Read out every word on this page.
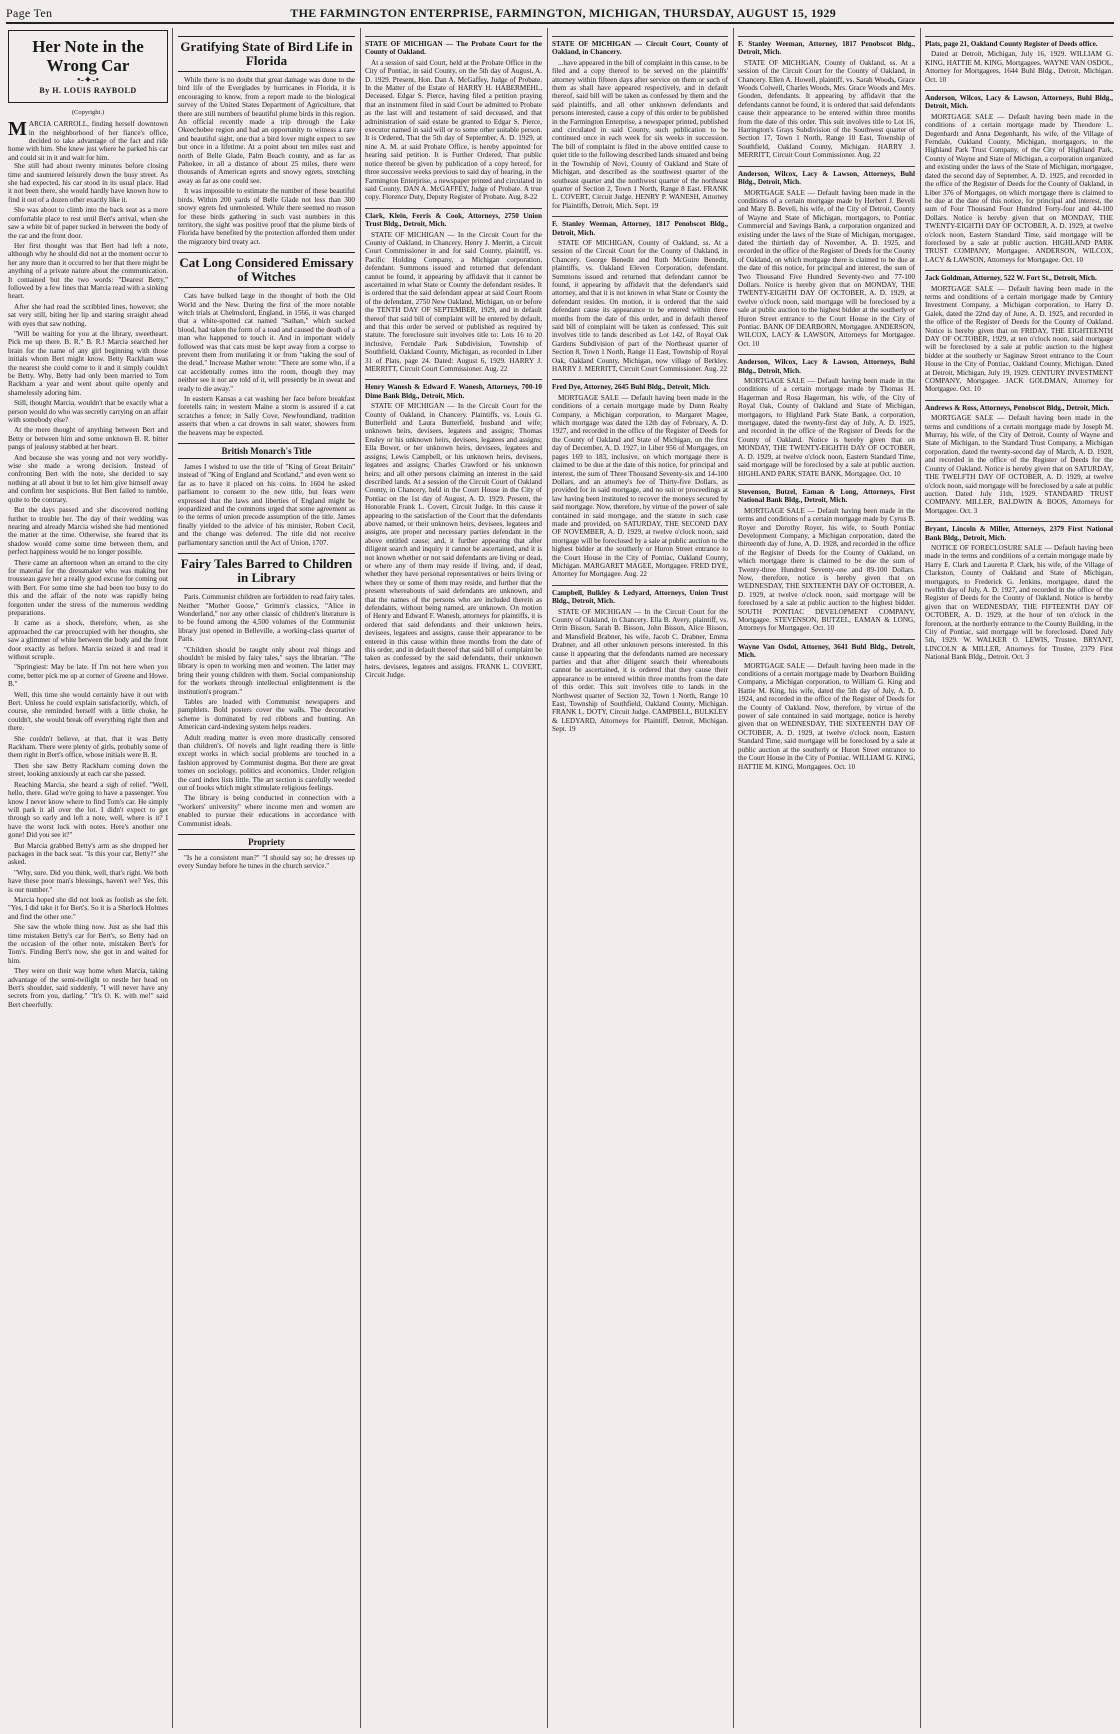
Page Ten	THE FARMINGTON ENTERPRISE, FARMINGTON, MICHIGAN, THURSDAY, AUGUST 15, 1929
Her Note in the Wrong Car
•-✦-•
By H. LOUIS RAYBOLD
(Copyright.)
M ARCIA CARROLL, finding herself downtown in the neighborhood of her fiance's office, decided to take advantage of the fact and ride home with him. She knew just where he parked his car and could sit in it and wait for him.

She still had about twenty minutes before closing time and sauntered leisurely down the busy street. As she had expected, his car stood in its usual place. Had it not been there, she would hardly have known how to find it out of a dozen other exactly like it.

She was about to climb into the back seat as a more comfortable place to rest until Bert's arrival, when she saw a white bit of paper tucked in between the body of the car and the front door.

Her first thought was that Bert had left a note, although why he should did not at the moment occur to her any more than it occurred to her that there might be anything of a private nature about the communication. It contained but the two words: "Dearest Betty," followed by a few lines that Marcia read with a sinking heart.

After she had read the scribbled lines, however, she sat very still, biting her lip and staring straight ahead with eyes that saw nothing.

"Will be waiting for you at the library, sweetheart. Pick me up there. B. R." B. R.! Marcia searched her brain for the name of any girl beginning with those initials whom Bert might know. Betty Rackham was the nearest she could come to it and it simply couldn't be Betty. Why, Betty had only been married to Tom Rackham a year and went about quite openly and shamelessly adoring him.

Still, thought Marcia, wouldn't that be exactly what a person would do who was secretly carrying on an affair with somebody else?

At the mere thought of anything between Bert and Betty or between him and some unknown B. R. bitter pangs of jealousy stabbed at her heart.

And because she was young and not very worldly-wise she made a wrong decision. Instead of confronting Bert with the note, she decided to say nothing at all about it but to let him give himself away and confirm her suspicions. But Bert failed to tumble, quite to the contrary.

But the days passed and she discovered nothing further to trouble her. The day of their wedding was nearing and already Marcia wished she had mentioned the matter at the time. Otherwise, she feared that its shadow would come some time between them, and perfect happiness would be no longer possible.

There came an afternoon when an errand to the city for material for the dressmaker who was making her trousseau gave her a really good excuse for coming out with Bert. For some time she had been too busy to do this and the affair of the note was rapidly being forgotten under the stress of the numerous wedding preparations.

It came as a shock, therefore, when, as she approached the car preoccupied with her thoughts, she saw a glimmer of white between the body and the front door exactly as before. Marcia seized it and read it without scruple.

"Springiest: May be late. If I'm not here when you come, better pick me up at corner of Greene and Howe. B."

Well, this time she would certainly have it out with Bert. Unless he could explain satisfactorily, which, of course, she reminded herself with a little choke, he couldn't, she would break off everything right then and there.

She couldn't believe, at that, that it was Betty Rackham. There were plenty of girls, probably some of them right in Bert's office, whose initials were B. R.

Then she saw Betty Rackham coming down the street, looking anxiously at each car she passed.

Reaching Marcia, she heard a sigh of relief. "Well, hello, there. Glad we're going to have a passenger. You know I never know where to find Tom's car. He simply will park it all over the lot. I didn't expect to get through so early and left a note, well, where is it? I have the worst luck with notes. Here's another one gone! Did you see it?"

But Marcia grabbed Betty's arm as she dropped her packages in the back seat. "Is this your car, Betty?" she asked.

"Why, sure. Did you think, well, that's right. We both have these poor man's blessings, haven't we? Yes, this is our number."

Marcia hoped she did not look as foolish as she felt. "Yes, I did take it for Bert's. So it is a Sherlock Holmes and find the other one."

She saw the whole thing now. Just as she had this time mistaken Betty's car for Bert's, so Betty had on the occasion of the other note, mistaken Bert's for Tom's. Finding Bert's now, she got in and waited for him.

They were on their way home when Marcia, taking advantage of the semi-twilight to nestle her head on Bert's shoulder, said suddenly, "I will never have any secrets from you, darling." "It's O. K. with me!" said Bert cheerfully.

Gratifying State of Bird Life in Florida

While there is no doubt that great damage was done to the bird life of the Everglades by hurricanes in Florida, it is encouraging to know, from a report made to the biological survey of the United States Department of Agriculture, that there are still numbers of beautiful plume birds in this region. An official recently made a trip through the Lake Okeechobee region and had an opportunity to witness a rare and beautiful sight, one that a bird lover might expect to see but once in a lifetime. At a point about ten miles east and north of Belle Glade, Palm Beach county, and as far as Pahokee, in all a distance of about 25 miles, there were thousands of American egrets and snowy egrets, stretching away as far as one could see.

It was impossible to estimate the number of these beautiful birds. Within 200 yards of Belle Glade not less than 300 snowy egrets fed unmolested. While there seemed no reason for these birds gathering in such vast numbers in this territory, the sight was positive proof that the plume birds of Florida have benefited by the protection afforded them under the migratory bird treaty act.

Cat Long Considered Emissary of Witches

Cats have bulked large in the thought of both the Old World and the New. During the first of the more notable witch trials at Chelmsford, England, in 1566, it was charged that a white-spotted cat named "Sathan," which sucked blood, had taken the form of a toad and caused the death of a man who happened to touch it. And in important widely followed was that cats must be kept away from a corpse to prevent them from mutilating it or from "taking the soul of the dead." Increase Mather wrote: "There are some who, if a cat accidentally comes into the room, though they may neither see it nor are told of it, will presently be in sweat and ready to die away."

In eastern Kansas a cat washing her face before breakfast foretells rain; in western Maine a storm is assured if a cat scratches a fence; in Sally Cove, Newfoundland, tradition asserts that when a cat drowns in salt water, showers from the heavens may be expected.

British Monarch's Title

James I wished to use the title of "King of Great Britain" instead of "King of England and Scotland," and even went so far as to have it placed on his coins. In 1604 he asked parliament to consent to the new title, but fears were expressed that the laws and liberties of England might be jeopardized and the commons urged that some agreement as to the terms of union precede assumption of the title. James finally yielded to the advice of his minister, Robert Cecil, and the change was deferred. The title did not receive parliamentary sanction until the Act of Union, 1707.

Fairy Tales Barred to Children in Library

Paris. Communist children are forbidden to read fairy tales. Neither "Mother Goose," Grimm's classics, "Alice in Wonderland," nor any other classic of children's literature is to be found among the 4,500 volumes of the Communist library just opened in Belleville, a working-class quarter of Paris.

"Children should be taught only about real things and shouldn't be misled by fairy tales," says the librarian. "The library is open to working men and women. The latter may bring their young children with them. Social companionship for the workers through intellectual enlightenment is the institution's program."

Tables are loaded with Communist newspapers and pamphlets. Bold posters cover the walls. The decorative scheme is dominated by red ribbons and bunting. An American card-indexing system helps readers.

Adult reading matter is even more drastically censored than children's. Of novels and light reading there is little except works in which social problems are touched in a fashion approved by Communist dogma. But there are great tomes on sociology, politics and economics. Under religion the card index lists little. The art section is carefully weeded out of books which might stimulate religious feelings.

The library is being conducted in connection with a "workers' university" where income men and women are enabled to pursue their educations in accordance with Communist ideals.

Propriety

"Is he a consistent man?" "I should say so; he dresses up every Sunday before he tunes in the church service."

STATE OF MICHIGAN — The Probate Court for the County of Oakland.

At a session of said Court, held at the Probate Office in the City of Pontiac, in said County, on the 5th day of August, A. D. 1929. Present, Hon. Dan A. McGaffey, Judge of Probate. In the Matter of the Estate of HARRY H. HABERMEHL, Deceased. Edgar S. Pierce, having filed a petition praying that an instrument filed in said Court be admitted to Probate as the last will and testament of said deceased, and that administration of said estate be granted to Edgar S. Pierce, executor named in said will or to some other suitable person. It is Ordered, That the 5th day of September, A. D. 1929, at nine A. M. at said Probate Office, is hereby appointed for hearing said petition. It is Further Ordered, That public notice thereof be given by publication of a copy hereof, for three successive weeks previous to said day of hearing, in the Farmington Enterprise, a newspaper printed and circulated in said County. DAN A. McGAFFEY, Judge of Probate. A true copy. Florence Duty, Deputy Register of Probate. Aug. 8-22

Clark, Klein, Ferris & Cook, Attorneys, 2750 Union Trust Bldg., Detroit, Mich.

STATE OF MICHIGAN — In the Circuit Court for the County of Oakland, in Chancery. Henry J. Merritt, a Circuit Court Commissioner in and for said County, plaintiff, vs. Pacific Holding Company, a Michigan corporation, defendant. Summons issued and returned that defendant cannot be found, it appearing by affidavit that it cannot be ascertained in what State or County the defendant resides. It is ordered that the said defendant appear at said Court Room of the defendant, 2750 New Oakland, Michigan, on or before the TENTH DAY OF SEPTEMBER, 1929, and in default thereof that said bill of complaint will be entered by default, and that this order be served or published as required by statute. The foreclosure suit involves title to: Lots 16 to 20 inclusive, Ferndale Park Subdivision, Township of Southfield, Oakland County, Michigan, as recorded in Liber 31 of Plats, page 24. Dated: August 6, 1929. HARRY J. MERRITT, Circuit Court Commissioner. Aug. 22

Henry Wanesh & Edward F. Wanesh, Attorneys, 700-10 Dime Bank Bldg., Detroit, Mich.

STATE OF MICHIGAN — In the Circuit Court for the County of Oakland, in Chancery. Plaintiffs, vs. Louis G. Butterfield and Laura Butterfield, husband and wife; unknown heirs, devisees, legatees and assigns; Thomas Ensley or his unknown heirs, devisees, legatees and assigns; Ella Bower, or her unknown heirs, devisees, legatees and assigns; Lewis Campbell, or his unknown heirs, devisees, legatees and assigns; Charles Crawford or his unknown heirs; and all other persons claiming an interest in the said described lands. At a session of the Circuit Court of Oakland County, in Chancery, held in the Court House in the City of Pontiac on the 1st day of August, A. D. 1929. Present, the Honorable Frank L. Covert, Circuit Judge. In this cause it appearing to the satisfaction of the Court that the defendants above named, or their unknown heirs, devisees, legatees and assigns, are proper and necessary parties defendant in the above entitled cause; and, it further appearing that after diligent search and inquiry it cannot be ascertained, and it is not known whether or not said defendants are living or dead, or where any of them may reside if living, and, if dead, whether they have personal representatives or heirs living or where they or some of them may reside, and further that the present whereabouts of said defendants are unknown, and that the names of the persons who are included therein as defendants, without being named, are unknown. On motion of Henry and Edward F. Wanesh, attorneys for plaintiffs, it is ordered that said defendants and their unknown heirs, devisees, legatees and assigns, cause their appearance to be entered in this cause within three months from the date of this order, and in default thereof that said bill of complaint be taken as confessed by the said defendants, their unknown heirs, devisees, legatees and assigns. FRANK L. COVERT, Circuit Judge.

STATE OF MICHIGAN — Circuit Court, County of Oakland, in Chancery.

...have appeared in the bill of complaint in this cause, to be filed and a copy thereof to be served on the plaintiffs' attorney within fifteen days after service on them or such of them as shall have appeared respectively, and in default thereof, said bill will be taken as confessed by them and the said plaintiffs, and all other unknown defendants and persons interested, cause a copy of this order to be published in the Farmington Enterprise, a newspaper printed, published and circulated in said County, such publication to be continued once in each week for six weeks in succession. The bill of complaint is filed in the above entitled cause to quiet title to the following described lands situated and being in the Township of Novi, County of Oakland and State of Michigan, and described as the southwest quarter of the southeast quarter and the northwest quarter of the northeast quarter of Section 2, Town 1 North, Range 8 East. FRANK L. COVERT, Circuit Judge. HENRY P. WANESH, Attorney for Plaintiffs, Detroit, Mich. Sept. 19

F. Stanley Weeman, Attorney, 1817 Penobscot Bldg., Detroit, Mich.

STATE OF MICHIGAN, County of Oakland, ss. At a session of the Circuit Court for the County of Oakland, in Chancery. George Benedit and Ruth McGuire Benedit, plaintiffs, vs. Oakland Eleven Corporation, defendant. Summons issued and returned that defendant cannot be found, it appearing by affidavit that the defendant's said attorney, and that it is not known in what State or County the defendant resides. On motion, it is ordered that the said defendant cause its appearance to be entered within three months from the date of this order, and in default thereof said bill of complaint will be taken as confessed. This suit involves title to lands described as Lot 142, of Royal Oak Gardens Subdivision of part of the Northeast quarter of Section 8, Town 1 North, Range 11 East, Township of Royal Oak, Oakland County, Michigan, now village of Berkley. HARRY J. MERRITT, Circuit Court Commissioner. Aug. 22

Fred Dye, Attorney, 2645 Buhl Bldg., Detroit, Mich.

MORTGAGE SALE — Default having been made in the conditions of a certain mortgage made by Dunn Realty Company, a Michigan corporation, to Margaret Magee, which mortgage was dated the 12th day of February, A. D. 1927, and recorded in the office of the Register of Deeds for the County of Oakland and State of Michigan, on the first day of December, A. D. 1927, in Liber 956 of Mortgages, on pages 169 to 183, inclusive, on which mortgage there is claimed to be due at the date of this notice, for principal and interest, the sum of Three Thousand Seventy-six and 14-100 Dollars, and an attorney's fee of Thirty-five Dollars, as provided for in said mortgage, and no suit or proceedings at law having been instituted to recover the moneys secured by said mortgage. Now, therefore, by virtue of the power of sale contained in said mortgage, and the statute in such case made and provided, on SATURDAY, THE SECOND DAY OF NOVEMBER, A. D. 1929, at twelve o'clock noon, said mortgage will be foreclosed by a sale at public auction to the highest bidder at the southerly or Huron Street entrance to the Court House in the City of Pontiac, Oakland County, Michigan. MARGARET MAGEE, Mortgagee. FRED DYE, Attorney for Mortgagee. Aug. 22

Campbell, Bulkley & Ledyard, Attorneys, Union Trust Bldg., Detroit, Mich.

STATE OF MICHIGAN — In the Circuit Court for the County of Oakland, in Chancery. Ella B. Avery, plaintiff, vs. Orrin Bisson, Sarah B. Bisson, John Bisson, Alice Bisson, and Mansfield Brabner, his wife, Jacob C. Drabner, Emma Drabner, and all other unknown persons interested. In this cause it appearing that the defendants named are necessary parties and that after diligent search their whereabouts cannot be ascertained, it is ordered that they cause their appearance to be entered within three months from the date of this order. This suit involves title to lands in the Northwest quarter of Section 32, Town 1 North, Range 10 East, Township of Southfield, Oakland County, Michigan. FRANK L. DOTY, Circuit Judge. CAMPBELL, BULKLEY & LEDYARD, Attorneys for Plaintiff, Detroit, Michigan. Sept. 19

F. Stanley Weeman, Attorney, 1817 Penobscot Bldg., Detroit, Mich.

STATE OF MICHIGAN, County of Oakland, ss. At a session of the Circuit Court for the County of Oakland, in Chancery. Ellen A. Howell, plaintiff, vs. Sarah Woods, Grace Woods Colwell, Charles Woods, Mrs. Grace Woods and Mrs. Gooden, defendants. It appearing by affidavit that the defendants cannot be found, it is ordered that said defendants cause their appearance to be entered within three months from the date of this order. This suit involves title to Lot 16, Harrington's Grays Subdivision of the Southwest quarter of Section 17, Town 1 North, Range 10 East, Township of Southfield, Oakland County, Michigan. HARRY J. MERRITT, Circuit Court Commissioner. Aug. 22

Anderson, Wilcox, Lacy & Lawson, Attorneys, Buhl Bldg., Detroit, Mich.

MORTGAGE SALE — Default having been made in the conditions of a certain mortgage made by Herbert J. Beveli and Mary B. Beveli, his wife, of the City of Detroit, County of Wayne and State of Michigan, mortgagors, to Pontiac Commercial and Savings Bank, a corporation organized and existing under the laws of the State of Michigan, mortgagee, dated the thirtieth day of November, A. D. 1925, and recorded in the office of the Register of Deeds for the County of Oakland, on which mortgage there is claimed to be due at the date of this notice, for principal and interest, the sum of Two Thousand Five Hundred Seventy-two and 77-100 Dollars. Notice is hereby given that on MONDAY, THE TWENTY-EIGHTH DAY OF OCTOBER, A. D. 1929, at twelve o'clock noon, said mortgage will be foreclosed by a sale at public auction to the highest bidder at the southerly or Huron Street entrance to the Court House in the City of Pontiac. BANK OF DEARBORN, Mortgagee. ANDERSON, WILCOX, LACY & LAWSON, Attorneys for Mortgagee. Oct. 10

Anderson, Wilcox, Lacy & Lawson, Attorneys, Buhl Bldg., Detroit, Mich.

MORTGAGE SALE — Default having been made in the conditions of a certain mortgage made by Thomas H. Hagerman and Rosa Hagerman, his wife, of the City of Royal Oak, County of Oakland and State of Michigan, mortgagors, to Highland Park State Bank, a corporation, mortgagee, dated the twenty-first day of July, A. D. 1925, and recorded in the office of the Register of Deeds for the County of Oakland. Notice is hereby given that on MONDAY, THE TWENTY-EIGHTH DAY OF OCTOBER, A. D. 1929, at twelve o'clock noon, Eastern Standard Time, said mortgage will be foreclosed by a sale at public auction. HIGHLAND PARK STATE BANK, Mortgagee. Oct. 10

Stevenson, Butzel, Eaman & Long, Attorneys, First National Bank Bldg., Detroit, Mich.

MORTGAGE SALE — Default having been made in the terms and conditions of a certain mortgage made by Cyrus B. Royer and Dorothy Royer, his wife, to South Pontiac Development Company, a Michigan corporation, dated the thirteenth day of June, A. D. 1928, and recorded in the office of the Register of Deeds for the County of Oakland, on which mortgage there is claimed to be due the sum of Twenty-three Hundred Seventy-one and 89-100 Dollars. Now, therefore, notice is hereby given that on WEDNESDAY, THE SIXTEENTH DAY OF OCTOBER, A. D. 1929, at twelve o'clock noon, said mortgage will be foreclosed by a sale at public auction to the highest bidder. SOUTH PONTIAC DEVELOPMENT COMPANY, Mortgagee. STEVENSON, BUTZEL, EAMAN & LONG, Attorneys for Mortgagee. Oct. 10

Wayne Van Osdol, Attorney, 3641 Buhl Bldg., Detroit, Mich.

MORTGAGE SALE — Default having been made in the conditions of a certain mortgage made by Dearborn Building Company, a Michigan corporation, to William G. King and Hattie M. King, his wife, dated the 5th day of July, A. D. 1924, and recorded in the office of the Register of Deeds for the County of Oakland. Now, therefore, by virtue of the power of sale contained in said mortgage, notice is hereby given that on WEDNESDAY, THE SIXTEENTH DAY OF OCTOBER, A. D. 1929, at twelve o'clock noon, Eastern Standard Time, said mortgage will be foreclosed by a sale at public auction at the southerly or Huron Street entrance to the Court House in the City of Pontiac. WILLIAM G. KING, HATTIE M. KING, Mortgagees. Oct. 10

Plats, page 21, Oakland County Register of Deeds office.

Dated at Detroit, Michigan, July 16, 1929. WILLIAM G. KING, HATTIE M. KING, Mortgagees. WAYNE VAN OSDOL, Attorney for Mortgagees, 1644 Buhl Bldg., Detroit, Michigan. Oct. 10

Anderson, Wilcox, Lacy & Lawson, Attorneys, Buhl Bldg., Detroit, Mich.

MORTGAGE SALE — Default having been made in the conditions of a certain mortgage made by Theodore L. Degenhardt and Anna Degenhardt, his wife, of the Village of Ferndale, Oakland County, Michigan, mortgagors, to the Highland Park Trust Company, of the City of Highland Park, County of Wayne and State of Michigan, a corporation organized and existing under the laws of the State of Michigan, mortgagee, dated the second day of September, A. D. 1925, and recorded in the office of the Register of Deeds for the County of Oakland, in Liber 376 of Mortgages, on which mortgage there is claimed to be due at the date of this notice, for principal and interest, the sum of Four Thousand Four Hundred Forty-four and 44-100 Dollars. Notice is hereby given that on MONDAY, THE TWENTY-EIGHTH DAY OF OCTOBER, A. D. 1929, at twelve o'clock noon, Eastern Standard Time, said mortgage will be foreclosed by a sale at public auction. HIGHLAND PARK TRUST COMPANY, Mortgagee. ANDERSON, WILCOX, LACY & LAWSON, Attorneys for Mortgagee. Oct. 10

Jack Goldman, Attorney, 522 W. Fort St., Detroit, Mich.

MORTGAGE SALE — Default having been made in the terms and conditions of a certain mortgage made by Century Investment Company, a Michigan corporation, to Harry D. Galek, dated the 22nd day of June, A. D. 1925, and recorded in the office of the Register of Deeds for the County of Oakland. Notice is hereby given that on FRIDAY, THE EIGHTEENTH DAY OF OCTOBER, 1929, at ten o'clock noon, said mortgage will be foreclosed by a sale at public auction to the highest bidder at the southerly or Saginaw Street entrance to the Court House in the City of Pontiac, Oakland County, Michigan. Dated at Detroit, Michigan, July 19, 1929. CENTURY INVESTMENT COMPANY, Mortgagee. JACK GOLDMAN, Attorney for Mortgagee. Oct. 10

Andrews & Ross, Attorneys, Penobscot Bldg., Detroit, Mich.

MORTGAGE SALE — Default having been made in the terms and conditions of a certain mortgage made by Joseph M. Murray, his wife, of the City of Detroit, County of Wayne and State of Michigan, to the Standard Trust Company, a Michigan corporation, dated the twenty-second day of March, A. D. 1928, and recorded in the office of the Register of Deeds for the County of Oakland. Notice is hereby given that on SATURDAY, THE TWELFTH DAY OF OCTOBER, A. D. 1929, at twelve o'clock noon, said mortgage will be foreclosed by a sale at public auction. Dated July 11th, 1929. STANDARD TRUST COMPANY. MILLER, BALDWIN & BOOS, Attorneys for Mortgagee. Oct. 3

Bryant, Lincoln & Miller, Attorneys, 2379 First National Bank Bldg., Detroit, Mich.

NOTICE OF FORECLOSURE SALE — Default having been made in the terms and conditions of a certain mortgage made by Harry E. Clark and Lauretta P. Clark, his wife, of the Village of Clarkston, County of Oakland and State of Michigan, mortgagors, to Frederick G. Jenkins, mortgagee, dated the twelfth day of July, A. D. 1927, and recorded in the office of the Register of Deeds for the County of Oakland. Notice is hereby given that on WEDNESDAY, THE FIFTEENTH DAY OF OCTOBER, A. D. 1929, at the hour of ten o'clock in the forenoon, at the northerly entrance to the County Building, in the City of Pontiac, said mortgage will be foreclosed. Dated July 5th, 1929. W. WALKER O. LEWIS, Trustee. BRYANT, LINCOLN & MILLER, Attorneys for Trustee, 2379 First National Bank Bldg., Detroit. Oct. 3
